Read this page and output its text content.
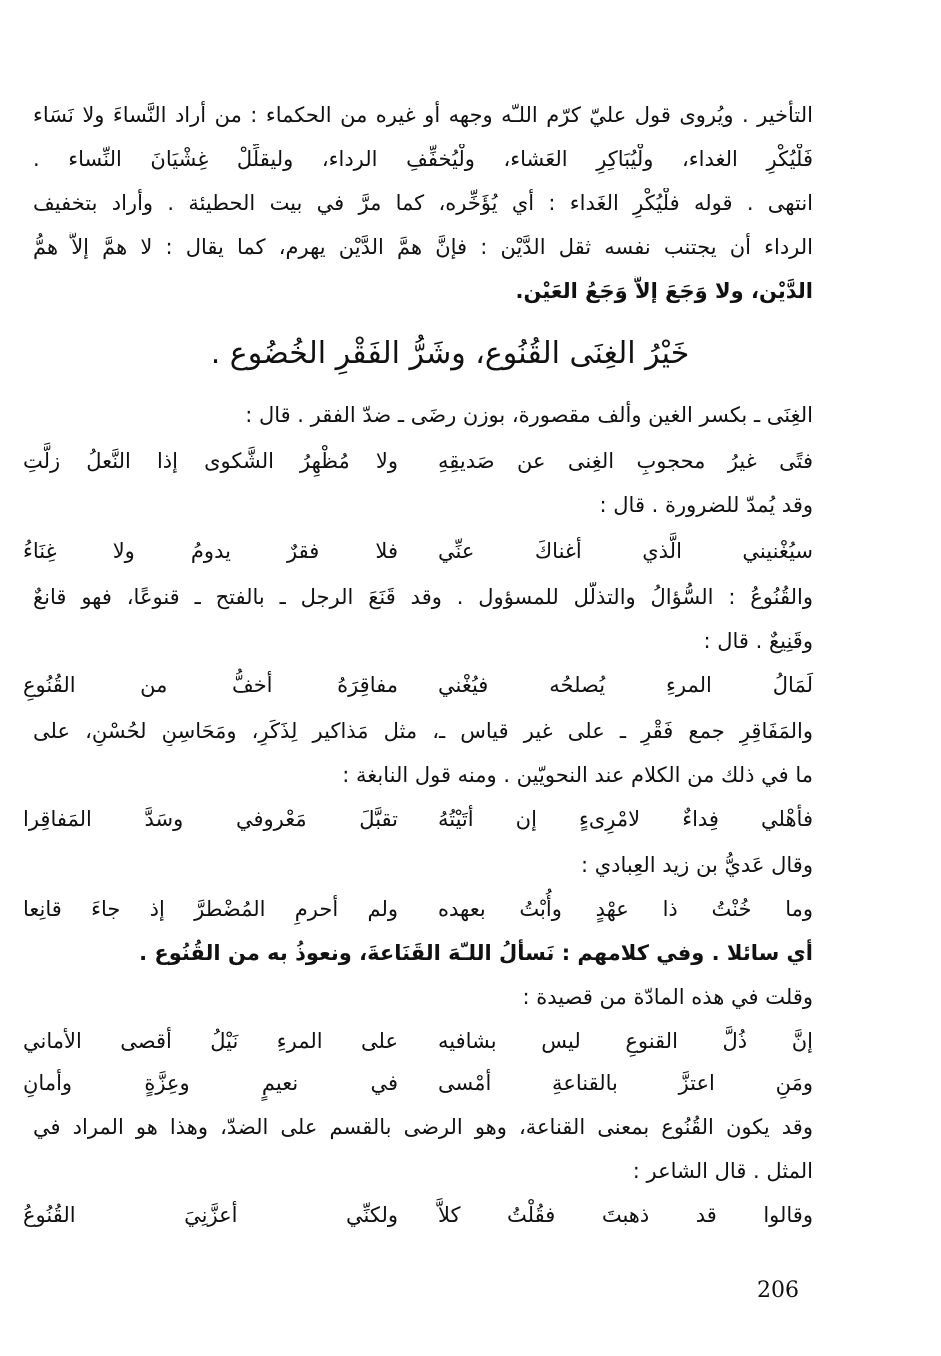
التأخير . ويُروى قول عليّ كرّم اللـّه وجهه أو غيره من الحكماء : من أراد النَّساءَ ولا نَسَاء
فَلْيُكْرِ الغداء، ولْيُبَاكِرِ العَشاء، ولْيُخفِّفِ الرداء، وليقلِّلْ غِشْيَانَ النِّساء .
انتهى . قوله فلْيُكْرِ الغَداء : أي يُؤَخِّره، كما مرَّ في بيت الحطيئة . وأراد بتخفيف
الرداء أن يجتنب نفسه ثقل الدَّيْن : فإنَّ همَّ الدَّيْن يهرم، كما يقال : لا همَّ إلاَّ همُّ
الدَّيْن، ولا وَجَعَ إلاَّ وَجَعُ العَيْن.
خَيْرُ الغِنَى القُنُوع، وشَرُّ الفَقْرِ الخُضُوع .
الغِنَى ـ بكسر الغين وألف مقصورة، بوزن رضَى ـ ضدّ الفقر . قال :
فتًى غيرُ محجوبِ الغِنى عن صَديقِهِ
ولا مُظْهِرُ الشَّكوى إذا النَّعلُ زلَّتِ
وقد يُمدّ للضرورة . قال :
سيُغْنيني الَّذي أغناكَ عنِّي
فلا فقرٌ يدومُ ولا غِنَاءُ
والقُنُوعُ : السُّؤالُ والتذلّل للمسؤول . وقد قَنَعَ الرجل ـ بالفتح ـ قنوعًا، فهو قانعٌ
وقَنِيعٌ . قال :
لَمَالُ المرءِ يُصلحُه فيُغْني
مفاقِرَهُ أخفُّ من القُنُوعِ
والمَفَاقِرِ جمع فَقْرٍ ـ على غير قياس ـ، مثل مَذاكير لِذَكَرٍ، ومَحَاسِنِ لحُسْنٍ، على
ما في ذلك من الكلام عند النحويّين . ومنه قول النابغة :
فأهْلي فِداءٌ لامْرِىءٍ إن أتَيْتُهُ
تقبَّلَ مَعْروفي وسَدَّ المَفاقِرا
وقال عَديُّ بن زيد العِبادي :
وما خُنْتُ ذا عهْدٍ وأُبْتُ بعهده
ولم أحرمِ المُضْطرَّ إذ جاءَ قانِعا
أي سائلا . وفي كلامهم : نَسألُ اللـّهَ القَنَاعةَ، ونعوذُ به من القُنُوع .
وقلت في هذه المادّة من قصيدة :
إنَّ ذُلَّ القنوعِ ليس بشافيه
على المرءِ نَيْلُ أقصى الأماني
ومَنِ اعتزَّ بالقناعةِ أمْسى
في نعيمٍ وعِزَّةٍ وأمانِ
وقد يكون القُنُوع بمعنى القناعة، وهو الرضى بالقسم على الضدّ، وهذا هو المراد في
المثل . قال الشاعر :
وقالوا قد ذهبتَ فقُلْتُ كلاَّ
ولكنِّي أعزَّنِيَ القُنُوعُ
206
